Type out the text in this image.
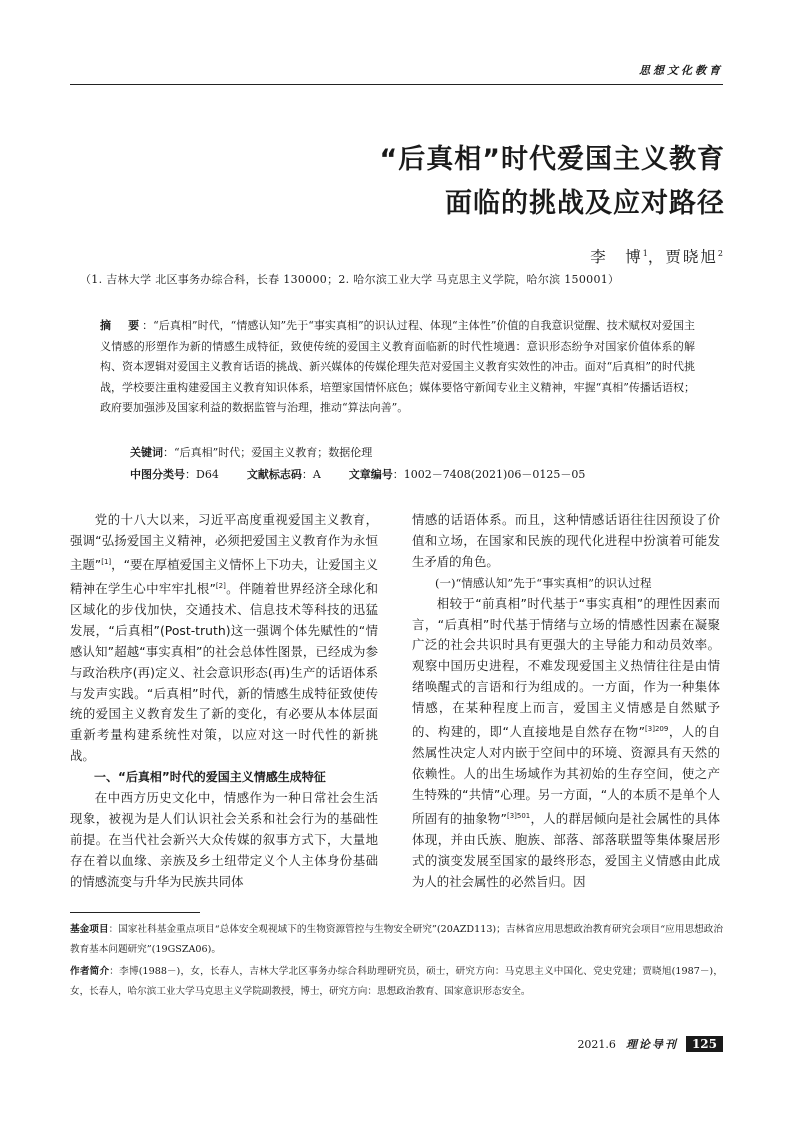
思想文化教育
“后真相”时代爱国主义教育
面临的挑战及应对路径
李　博$^1$，贾晓旭$^2$
（1. 吉林大学 北区事务办综合科，长春 130000；2. 哈尔滨工业大学 马克思主义学院，哈尔滨 150001）
摘　要：“后真相”时代，“情感认知”先于“事实真相”的识认过程、体现“主体性”价值的自我意识觉醒、技术赋权对爱国主义情感的形塑作为新的情感生成特征，致使传统的爱国主义教育面临新的时代性境遇：意识形态纷争对国家价值体系的解构、资本逻辑对爱国主义教育话语的挑战、新兴媒体的传媒伦理失范对爱国主义教育实效性的冲击。面对“后真相”的时代挑战，学校要注重构建爱国主义教育知识体系，培塑家国情怀底色；媒体要恪守新闻专业主义精神，牢握“真相”传播话语权；政府要加强涉及国家利益的数据监管与治理，推动“算法向善”。
关键词：“后真相”时代；爱国主义教育；数据伦理
中图分类号：D64	文献标志码：A	文章编号：1002－7408(2021)06－0125－05

党的十八大以来，习近平高度重视爱国主义教育，强调“弘扬爱国主义精神，必须把爱国主义教育作为永恒主题”[1]，“要在厚植爱国主义情怀上下功夫，让爱国主义精神在学生心中牢牢扎根”[2]。伴随着世界经济全球化和区域化的步伐加快，交通技术、信息技术等科技的迅猛发展，“后真相”(Post-truth)这一强调个体先赋性的“情感认知”超越“事实真相”的社会总体性图景，已经成为参与政治秩序(再)定义、社会意识形态(再)生产的话语体系与发声实践。“后真相”时代，新的情感生成特征致使传统的爱国主义教育发生了新的变化，有必要从本体层面重新考量构建系统性对策，以应对这一时代性的新挑战。

一、“后真相”时代的爱国主义情感生成特征

在中西方历史文化中，情感作为一种日常社会生活现象，被视为是人们认识社会关系和社会行为的基础性前提。在当代社会新兴大众传媒的叙事方式下，大量地存在着以血缘、亲族及乡土纽带定义个人主体身份基础的情感流变与升华为民族共同体

情感的话语体系。而且，这种情感话语往往因预设了价值和立场，在国家和民族的现代化进程中扮演着可能发生矛盾的角色。

(一)“情感认知”先于“事实真相”的识认过程

相较于“前真相”时代基于“事实真相”的理性因素而言，“后真相”时代基于情绪与立场的情感性因素在凝聚广泛的社会共识时具有更强大的主导能力和动员效率。观察中国历史进程，不难发现爱国主义热情往往是由情绪唤醒式的言语和行为组成的。一方面，作为一种集体情感，在某种程度上而言，爱国主义情感是自然赋予的、构建的，即“人直接地是自然存在物”$^{[3]209}$，人的自然属性决定人对内嵌于空间中的环境、资源具有天然的依赖性。人的出生场域作为其初始的生存空间，使之产生特殊的“共情”心理。另一方面，“人的本质不是单个人所固有的抽象物”$^{[3]501}$，人的群居倾向是社会属性的具体体现，并由氏族、胞族、部落、部落联盟等集体聚居形式的演变发展至国家的最终形态，爱国主义情感由此成为人的社会属性的必然旨归。因

基金项目：国家社科基金重点项目“总体安全观视域下的生物资源管控与生物安全研究”(20AZD113)；吉林省应用思想政治教育研究会项目“应用思想政治教育基本问题研究”(19GSZA06)。
作者简介：李博(1988－)，女，长春人，吉林大学北区事务办综合科助理研究员，硕士，研究方向：马克思主义中国化、党史党建；贾晓旭(1987－)，女，长春人，哈尔滨工业大学马克思主义学院副教授，博士，研究方向：思想政治教育、国家意识形态安全。
2021.6 理论导刊	125
